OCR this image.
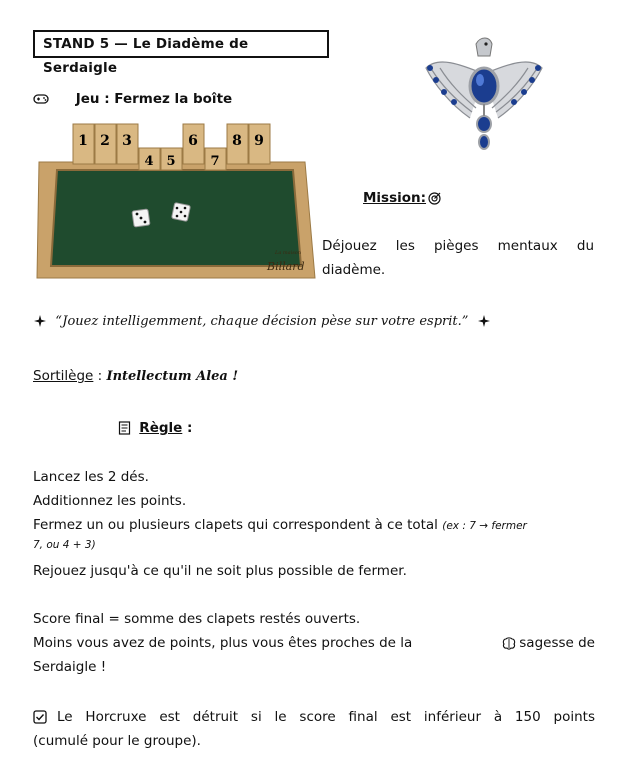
STAND 5 — Le Diadème de Serdaigle
Jeu : Fermez la boîte
1 2 3
4 5
6
7
8 9
La maison
Billard
Mission:
Déjouez les pièges mentaux du
diadème.
“Jouez intelligemment, chaque décision pèse sur votre esprit.”
Sortilège : Intellectum Alea !
Règle :
Lancez les 2 dés.
Additionnez les points.
Fermez un ou plusieurs clapets qui correspondent à ce total (ex : 7 → fermer
7, ou 4 + 3)
Rejouez jusqu'à ce qu'il ne soit plus possible de fermer.
Score final = somme des clapets restés ouverts.
Moins vous avez de points, plus vous êtes proches de la	sagesse de
Serdaigle !
Le Horcruxe est détruit si le score final est inférieur à 150 points
(cumulé pour le groupe).
